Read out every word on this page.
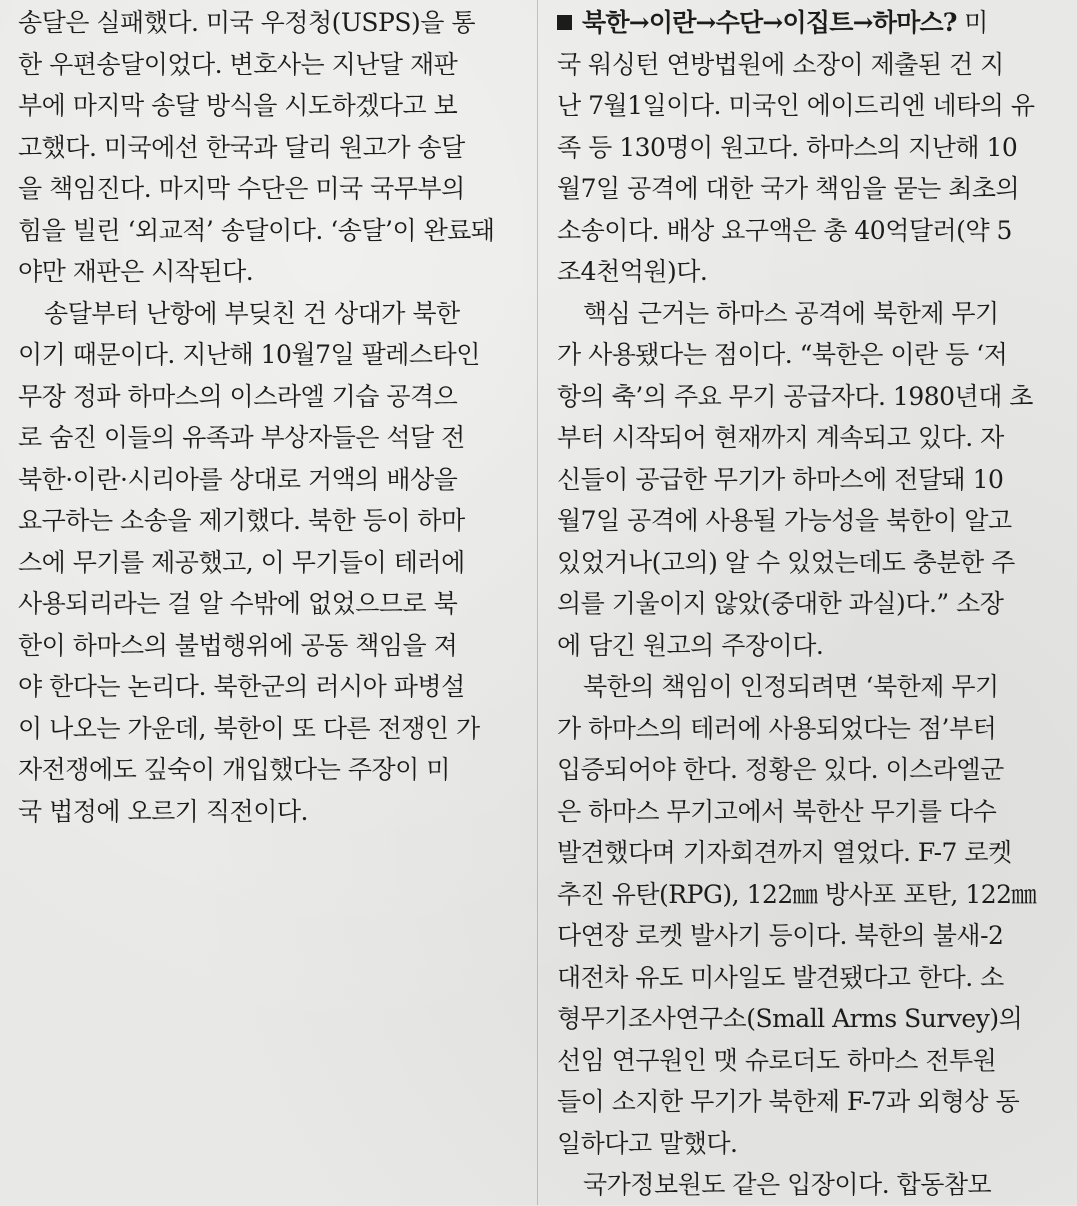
송달은 실패했다. 미국 우정청(USPS)을 통
한 우편송달이었다. 변호사는 지난달 재판
부에 마지막 송달 방식을 시도하겠다고 보
고했다. 미국에선 한국과 달리 원고가 송달
을 책임진다. 마지막 수단은 미국 국무부의
힘을 빌린 ‘외교적’ 송달이다. ‘송달’이 완료돼
야만 재판은 시작된다.
송달부터 난항에 부딪친 건 상대가 북한
이기 때문이다. 지난해 10월7일 팔레스타인
무장 정파 하마스의 이스라엘 기습 공격으
로 숨진 이들의 유족과 부상자들은 석달 전
북한·이란·시리아를 상대로 거액의 배상을
요구하는 소송을 제기했다. 북한 등이 하마
스에 무기를 제공했고, 이 무기들이 테러에
사용되리라는 걸 알 수밖에 없었으므로 북
한이 하마스의 불법행위에 공동 책임을 져
야 한다는 논리다. 북한군의 러시아 파병설
이 나오는 가운데, 북한이 또 다른 전쟁인 가
자전쟁에도 깊숙이 개입했다는 주장이 미
국 법정에 오르기 직전이다.
북한→이란→수단→이집트→하마스? 미
국 워싱턴 연방법원에 소장이 제출된 건 지
난 7월1일이다. 미국인 에이드리엔 네타의 유
족 등 130명이 원고다. 하마스의 지난해 10
월7일 공격에 대한 국가 책임을 묻는 최초의
소송이다. 배상 요구액은 총 40억달러(약 5
조4천억원)다.
핵심 근거는 하마스 공격에 북한제 무기
가 사용됐다는 점이다. “북한은 이란 등 ‘저
항의 축’의 주요 무기 공급자다. 1980년대 초
부터 시작되어 현재까지 계속되고 있다. 자
신들이 공급한 무기가 하마스에 전달돼 10
월7일 공격에 사용될 가능성을 북한이 알고
있었거나(고의) 알 수 있었는데도 충분한 주
의를 기울이지 않았(중대한 과실)다.” 소장
에 담긴 원고의 주장이다.
북한의 책임이 인정되려면 ‘북한제 무기
가 하마스의 테러에 사용되었다는 점’부터
입증되어야 한다. 정황은 있다. 이스라엘군
은 하마스 무기고에서 북한산 무기를 다수
발견했다며 기자회견까지 열었다. F-7 로켓
추진 유탄(RPG), 122㎜ 방사포 포탄, 122㎜
다연장 로켓 발사기 등이다. 북한의 불새-2
대전차 유도 미사일도 발견됐다고 한다. 소
형무기조사연구소(Small Arms Survey)의
선임 연구원인 맷 슈로더도 하마스 전투원
들이 소지한 무기가 북한제 F-7과 외형상 동
일하다고 말했다.
국가정보원도 같은 입장이다. 합동참모
